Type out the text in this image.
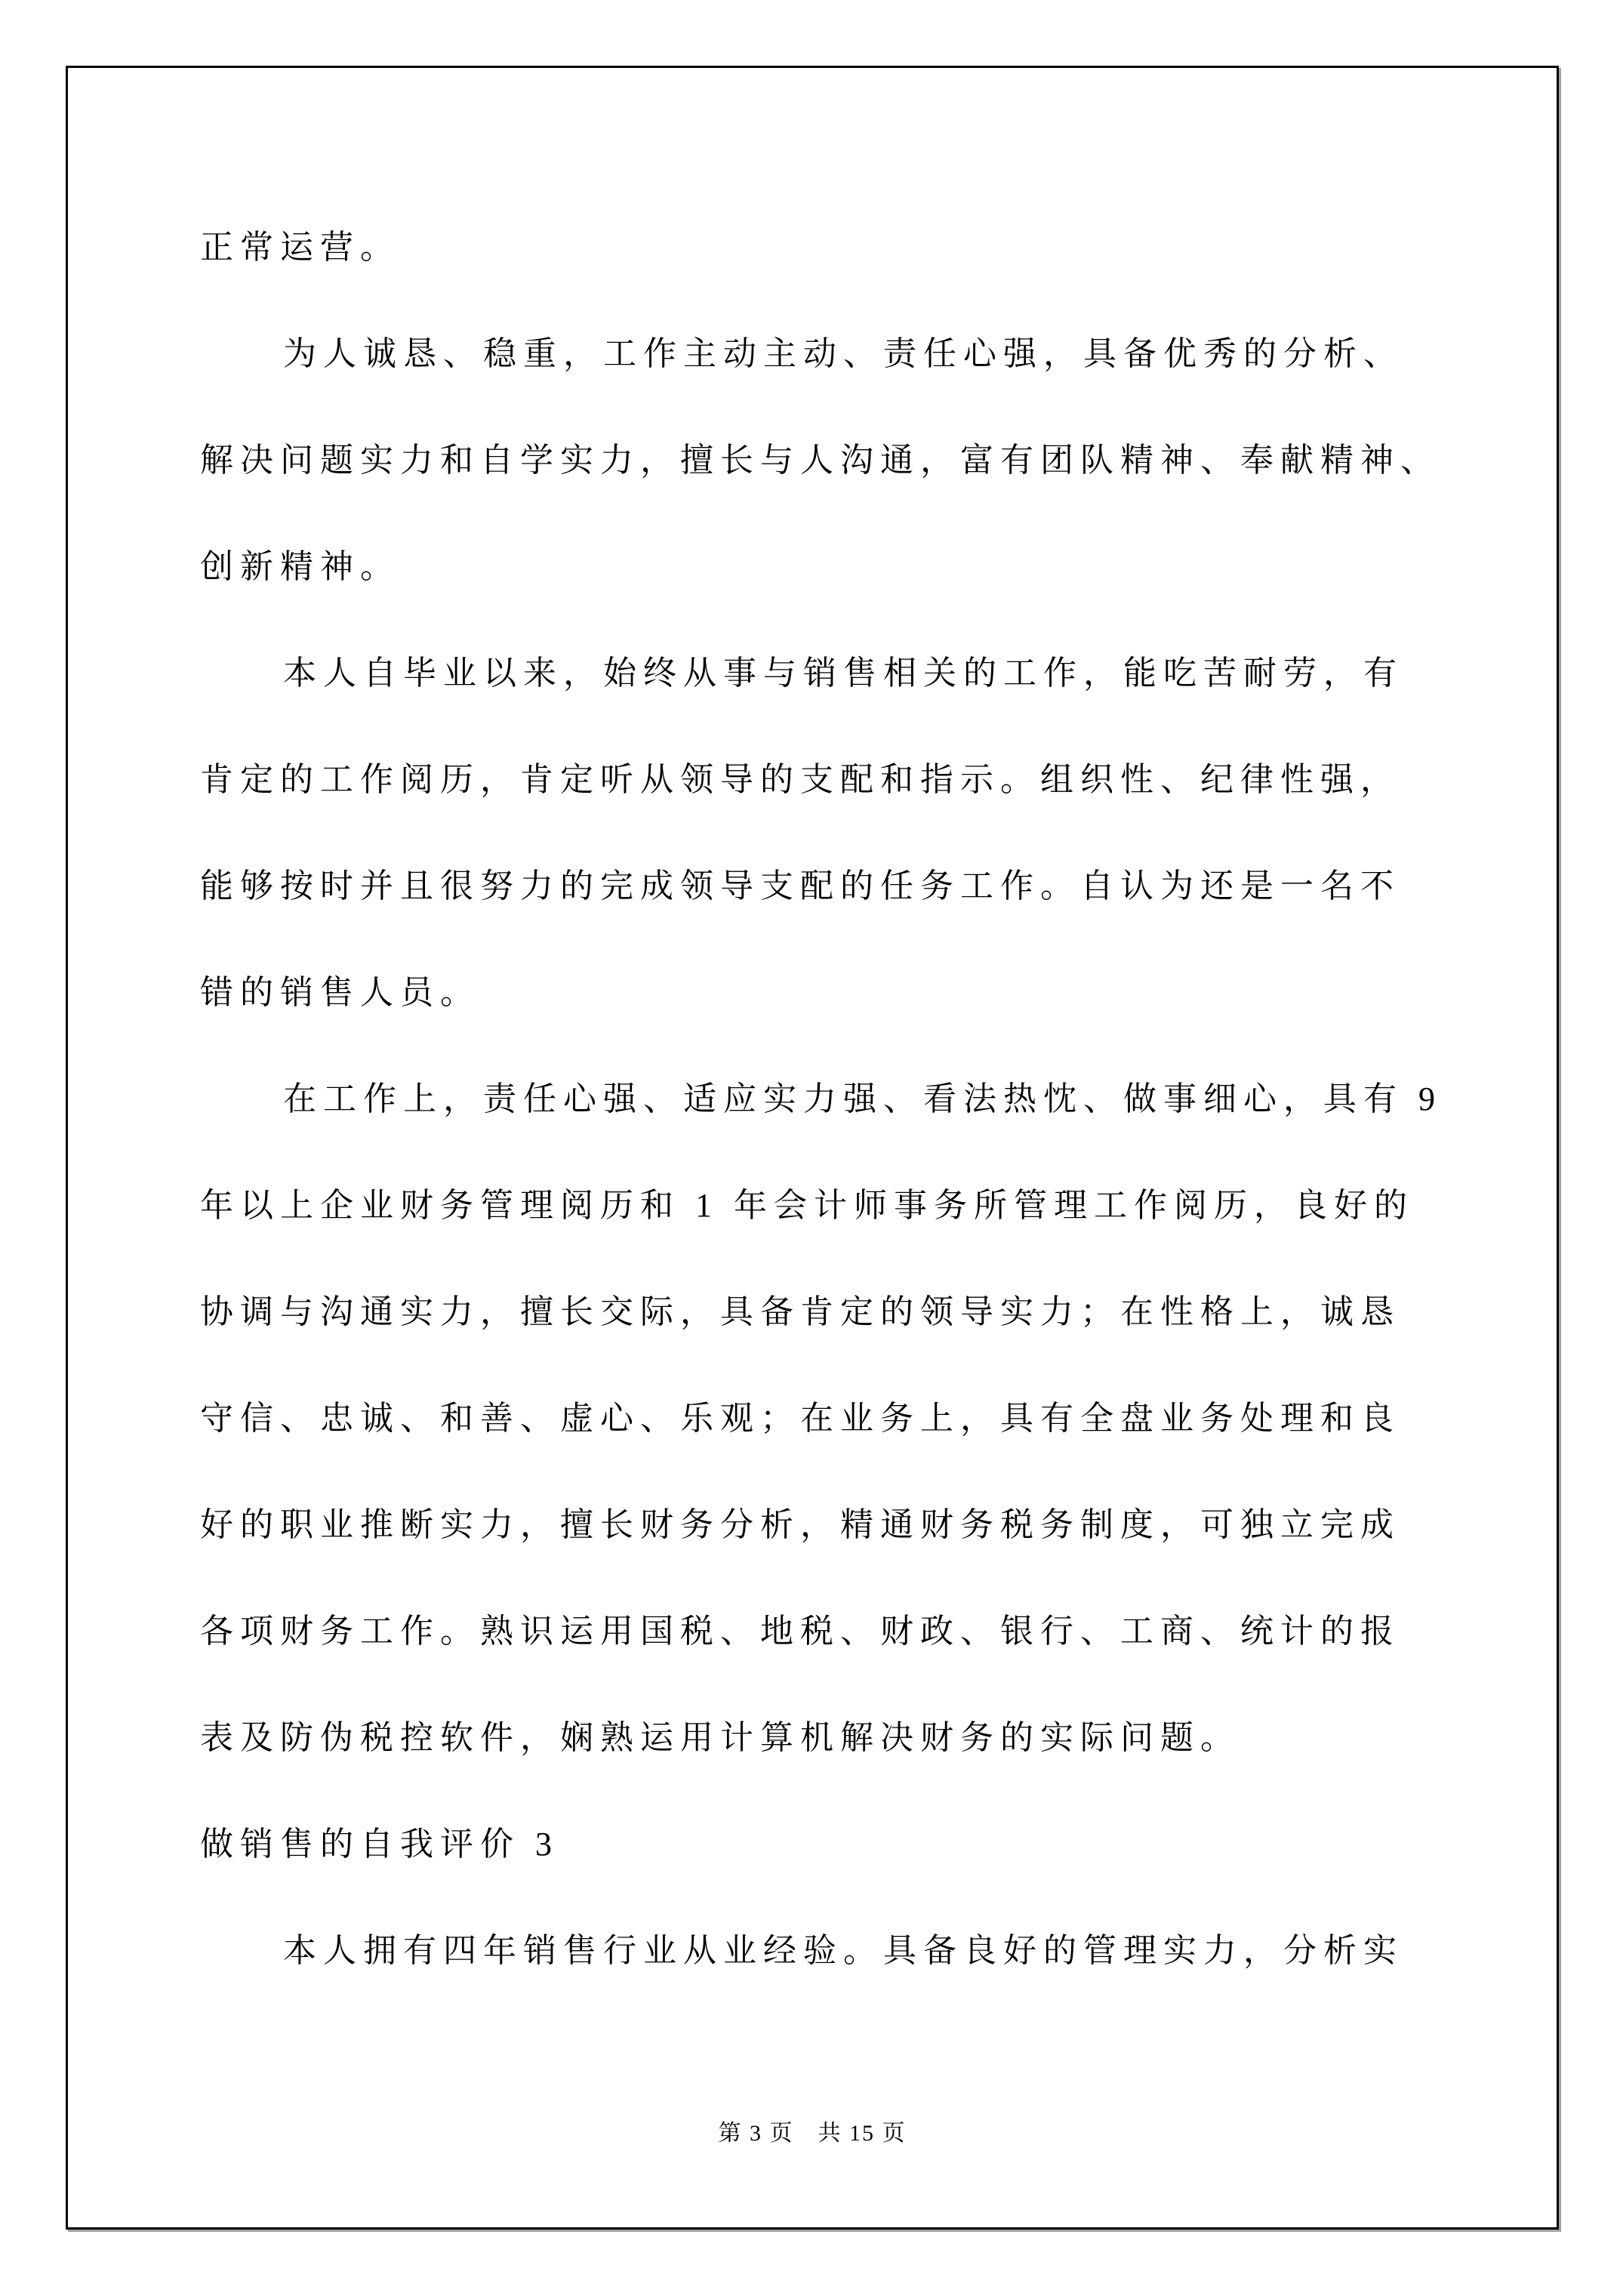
正常运营。
为人诚恳、稳重，工作主动主动、责任心强，具备优秀的分析、
解决问题实力和自学实力，擅长与人沟通，富有团队精神、奉献精神、
创新精神。
本人自毕业以来，始终从事与销售相关的工作，能吃苦耐劳，有
肯定的工作阅历，肯定听从领导的支配和指示。组织性、纪律性强，
能够按时并且很努力的完成领导支配的任务工作。自认为还是一名不
错的销售人员。
在工作上，责任心强、适应实力强、看法热忱、做事细心，具有 9
年以上企业财务管理阅历和 1 年会计师事务所管理工作阅历，良好的
协调与沟通实力，擅长交际，具备肯定的领导实力；在性格上，诚恳
守信、忠诚、和善、虚心、乐观；在业务上，具有全盘业务处理和良
好的职业推断实力，擅长财务分析，精通财务税务制度，可独立完成
各项财务工作。熟识运用国税、地税、财政、银行、工商、统计的报
表及防伪税控软件，娴熟运用计算机解决财务的实际问题。
做销售的自我评价 3
本人拥有四年销售行业从业经验。具备良好的管理实力，分析实
第 3 页　共 15 页
